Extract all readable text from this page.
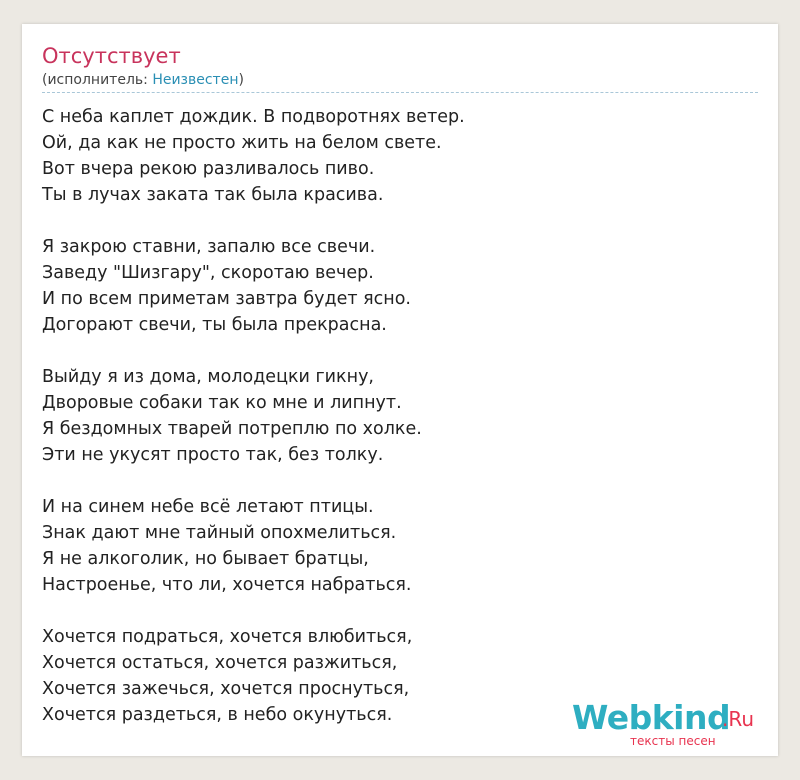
Отсутствует
(исполнитель: Неизвестен)
С неба каплет дождик. В подворотнях ветер.
Ой, да как не просто жить на белом свете.
Вот вчера рекою разливалось пиво.
Ты в лучах заката так была красива.
Я закрою ставни, запалю все свечи.
Заведу "Шизгару", скоротаю вечер.
И по всем приметам завтра будет ясно.
Догорают свечи, ты была прекрасна.
Выйду я из дома, молодецки гикну,
Дворовые собаки так ко мне и липнут.
Я бездомных тварей потреплю по холке.
Эти не укусят просто так, без толку.
И на синем небе всё летают птицы.
Знак дают мне тайный опохмелиться.
Я не алкоголик, но бывает братцы,
Настроенье, что ли, хочется набраться.
Хочется подраться, хочется влюбиться,
Хочется остаться, хочется разжиться,
Хочется зажечься, хочется проснуться,
Хочется раздеться, в небо окунуться.	Webkind
.Ru
тексты песен
